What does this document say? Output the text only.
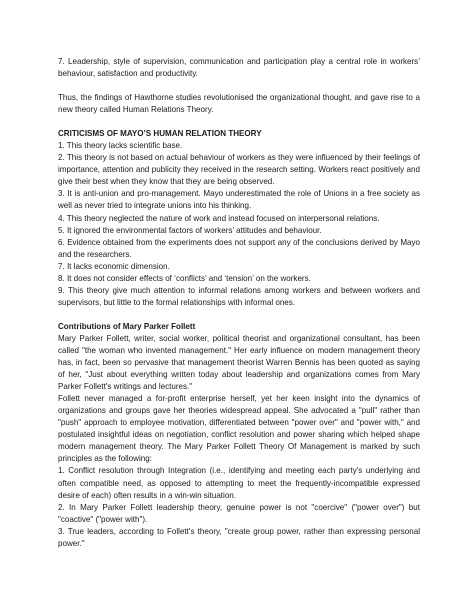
7. Leadership, style of supervision, communication and participation play a central role in workers’ behaviour, satisfaction and productivity.

Thus, the findings of Hawthorne studies revolutionised the organizational thought, and gave rise to a new theory called Human Relations Theory.

CRITICISMS OF MAYO’S HUMAN RELATION THEORY

1. This theory lacks scientific base.

2. This theory is not based on actual behaviour of workers as they were influenced by their feelings of importance, attention and publicity they received in the research setting. Workers react positively and give their best when they know that they are being observed.

3. It is anti-union and pro-management. Mayo underestimated the role of Unions in a free society as well as never tried to integrate unions into his thinking.

4. This theory neglected the nature of work and instead focused on interpersonal relations.

5. It ignored the environmental factors of workers’ attitudes and behaviour.

6. Evidence obtained from the experiments does not support any of the conclusions derived by Mayo and the researchers.

7. It lacks economic dimension.

8. It does not consider effects of ‘conflicts’ and ‘tension’ on the workers.

9. This theory give much attention to informal relations among workers and between workers and supervisors, but little to the formal relationships with informal ones.

Contributions of Mary Parker Follett

Mary Parker Follett, writer, social worker, political theorist and organizational consultant, has been called "the woman who invented management." Her early influence on modern management theory has, in fact, been so pervasive that management theorist Warren Bennis has been quoted as saying of her, "Just about everything written today about leadership and organizations comes from Mary Parker Follett's writings and lectures."

Follett never managed a for-profit enterprise herself, yet her keen insight into the dynamics of organizations and groups gave her theories widespread appeal. She advocated a "pull" rather than "push" approach to employee motivation, differentiated between "power over" and "power with," and postulated insightful ideas on negotiation, conflict resolution and power sharing which helped shape modern management theory. The Mary Parker Follett Theory Of Management is marked by such principles as the following:

1. Conflict resolution through Integration (i.e., identifying and meeting each party's underlying and often compatible need, as opposed to attempting to meet the frequently-incompatible expressed desire of each) often results in a win-win situation.

2. In Mary Parker Follett leadership theory, genuine power is not "coercive" ("power over") but "coactive" ("power with").

3. True leaders, according to Follett's theory, "create group power, rather than expressing personal power."
